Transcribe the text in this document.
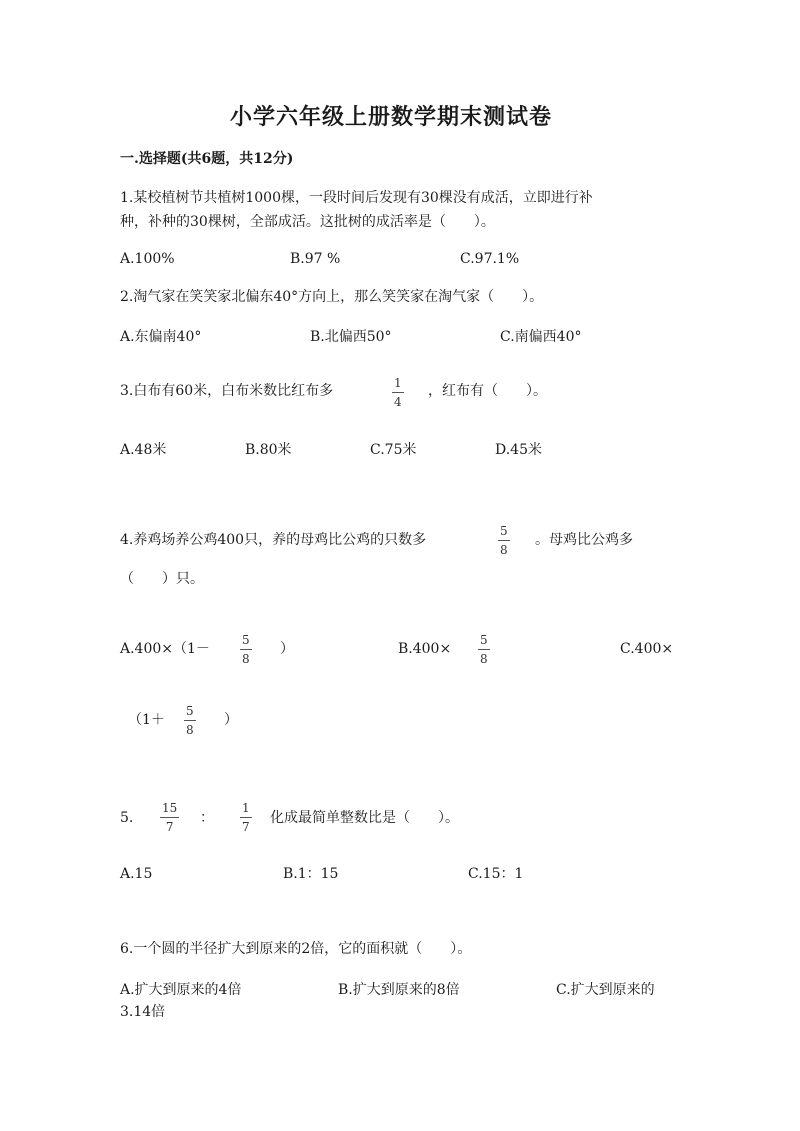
小学六年级上册数学期末测试卷
一.选择题(共6题，共12分)
1.某校植树节共植树1000棵，一段时间后发现有30棵没有成活，立即进行补
种，补种的30棵树，全部成活。这批树的成活率是（　　）。
A.100%	B.97 %	C.97.1%
2.淘气家在笑笑家北偏东40°方向上，那么笑笑家在淘气家（　　）。
A.东偏南40°	B.北偏西50°	C.南偏西40°
3.白布有60米，白布米数比红布多	1
4
，红布有（　　）。
A.48米	B.80米	C.75米	D.45米
4.养鸡场养公鸡400只，养的母鸡比公鸡的只数多
5
8
。母鸡比公鸡多
（　　）只。
A.400×（1－
5
8
）	B.400×
5
8
C.400×
（1＋
5
8
）
5.
15
7
：
1
7
化成最简单整数比是（　　）。
A.15	B.1：15	C.15：1
6.一个圆的半径扩大到原来的2倍，它的面积就（　　）。
A.扩大到原来的4倍	B.扩大到原来的8倍	C.扩大到原来的
3.14倍
